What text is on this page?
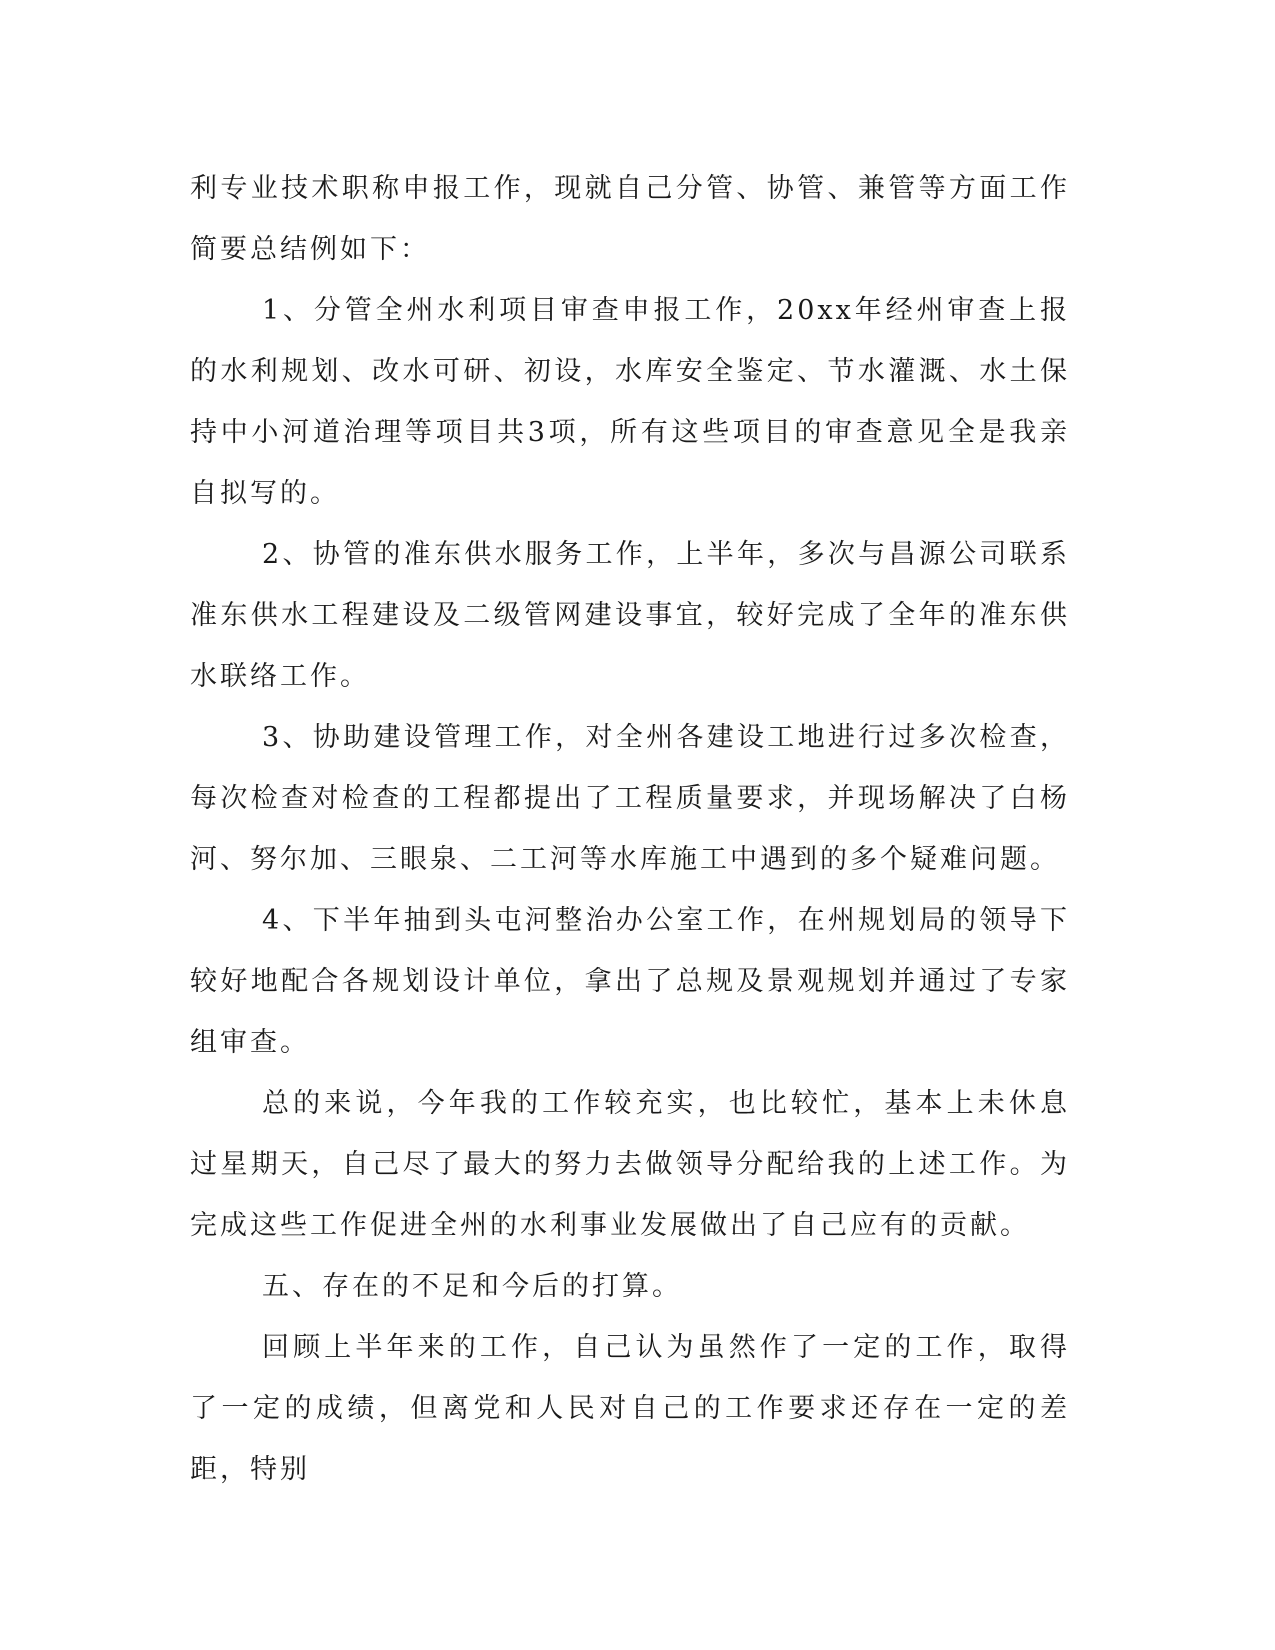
利专业技术职称申报工作，现就自己分管、协管、兼管等方面工作简要总结例如下：

1、分管全州水利项目审查申报工作，20xx年经州审查上报的水利规划、改水可研、初设，水库安全鉴定、节水灌溉、水土保持中小河道治理等项目共3项，所有这些项目的审查意见全是我亲自拟写的。

2、协管的准东供水服务工作，上半年，多次与昌源公司联系准东供水工程建设及二级管网建设事宜，较好完成了全年的准东供水联络工作。

3、协助建设管理工作，对全州各建设工地进行过多次检查，每次检查对检查的工程都提出了工程质量要求，并现场解决了白杨河、努尔加、三眼泉、二工河等水库施工中遇到的多个疑难问题。

4、下半年抽到头屯河整治办公室工作，在州规划局的领导下较好地配合各规划设计单位，拿出了总规及景观规划并通过了专家组审查。

总的来说，今年我的工作较充实，也比较忙，基本上未休息过星期天，自己尽了最大的努力去做领导分配给我的上述工作。为完成这些工作促进全州的水利事业发展做出了自己应有的贡献。

五、存在的不足和今后的打算。

回顾上半年来的工作，自己认为虽然作了一定的工作，取得了一定的成绩，但离党和人民对自己的工作要求还存在一定的差距，特别
